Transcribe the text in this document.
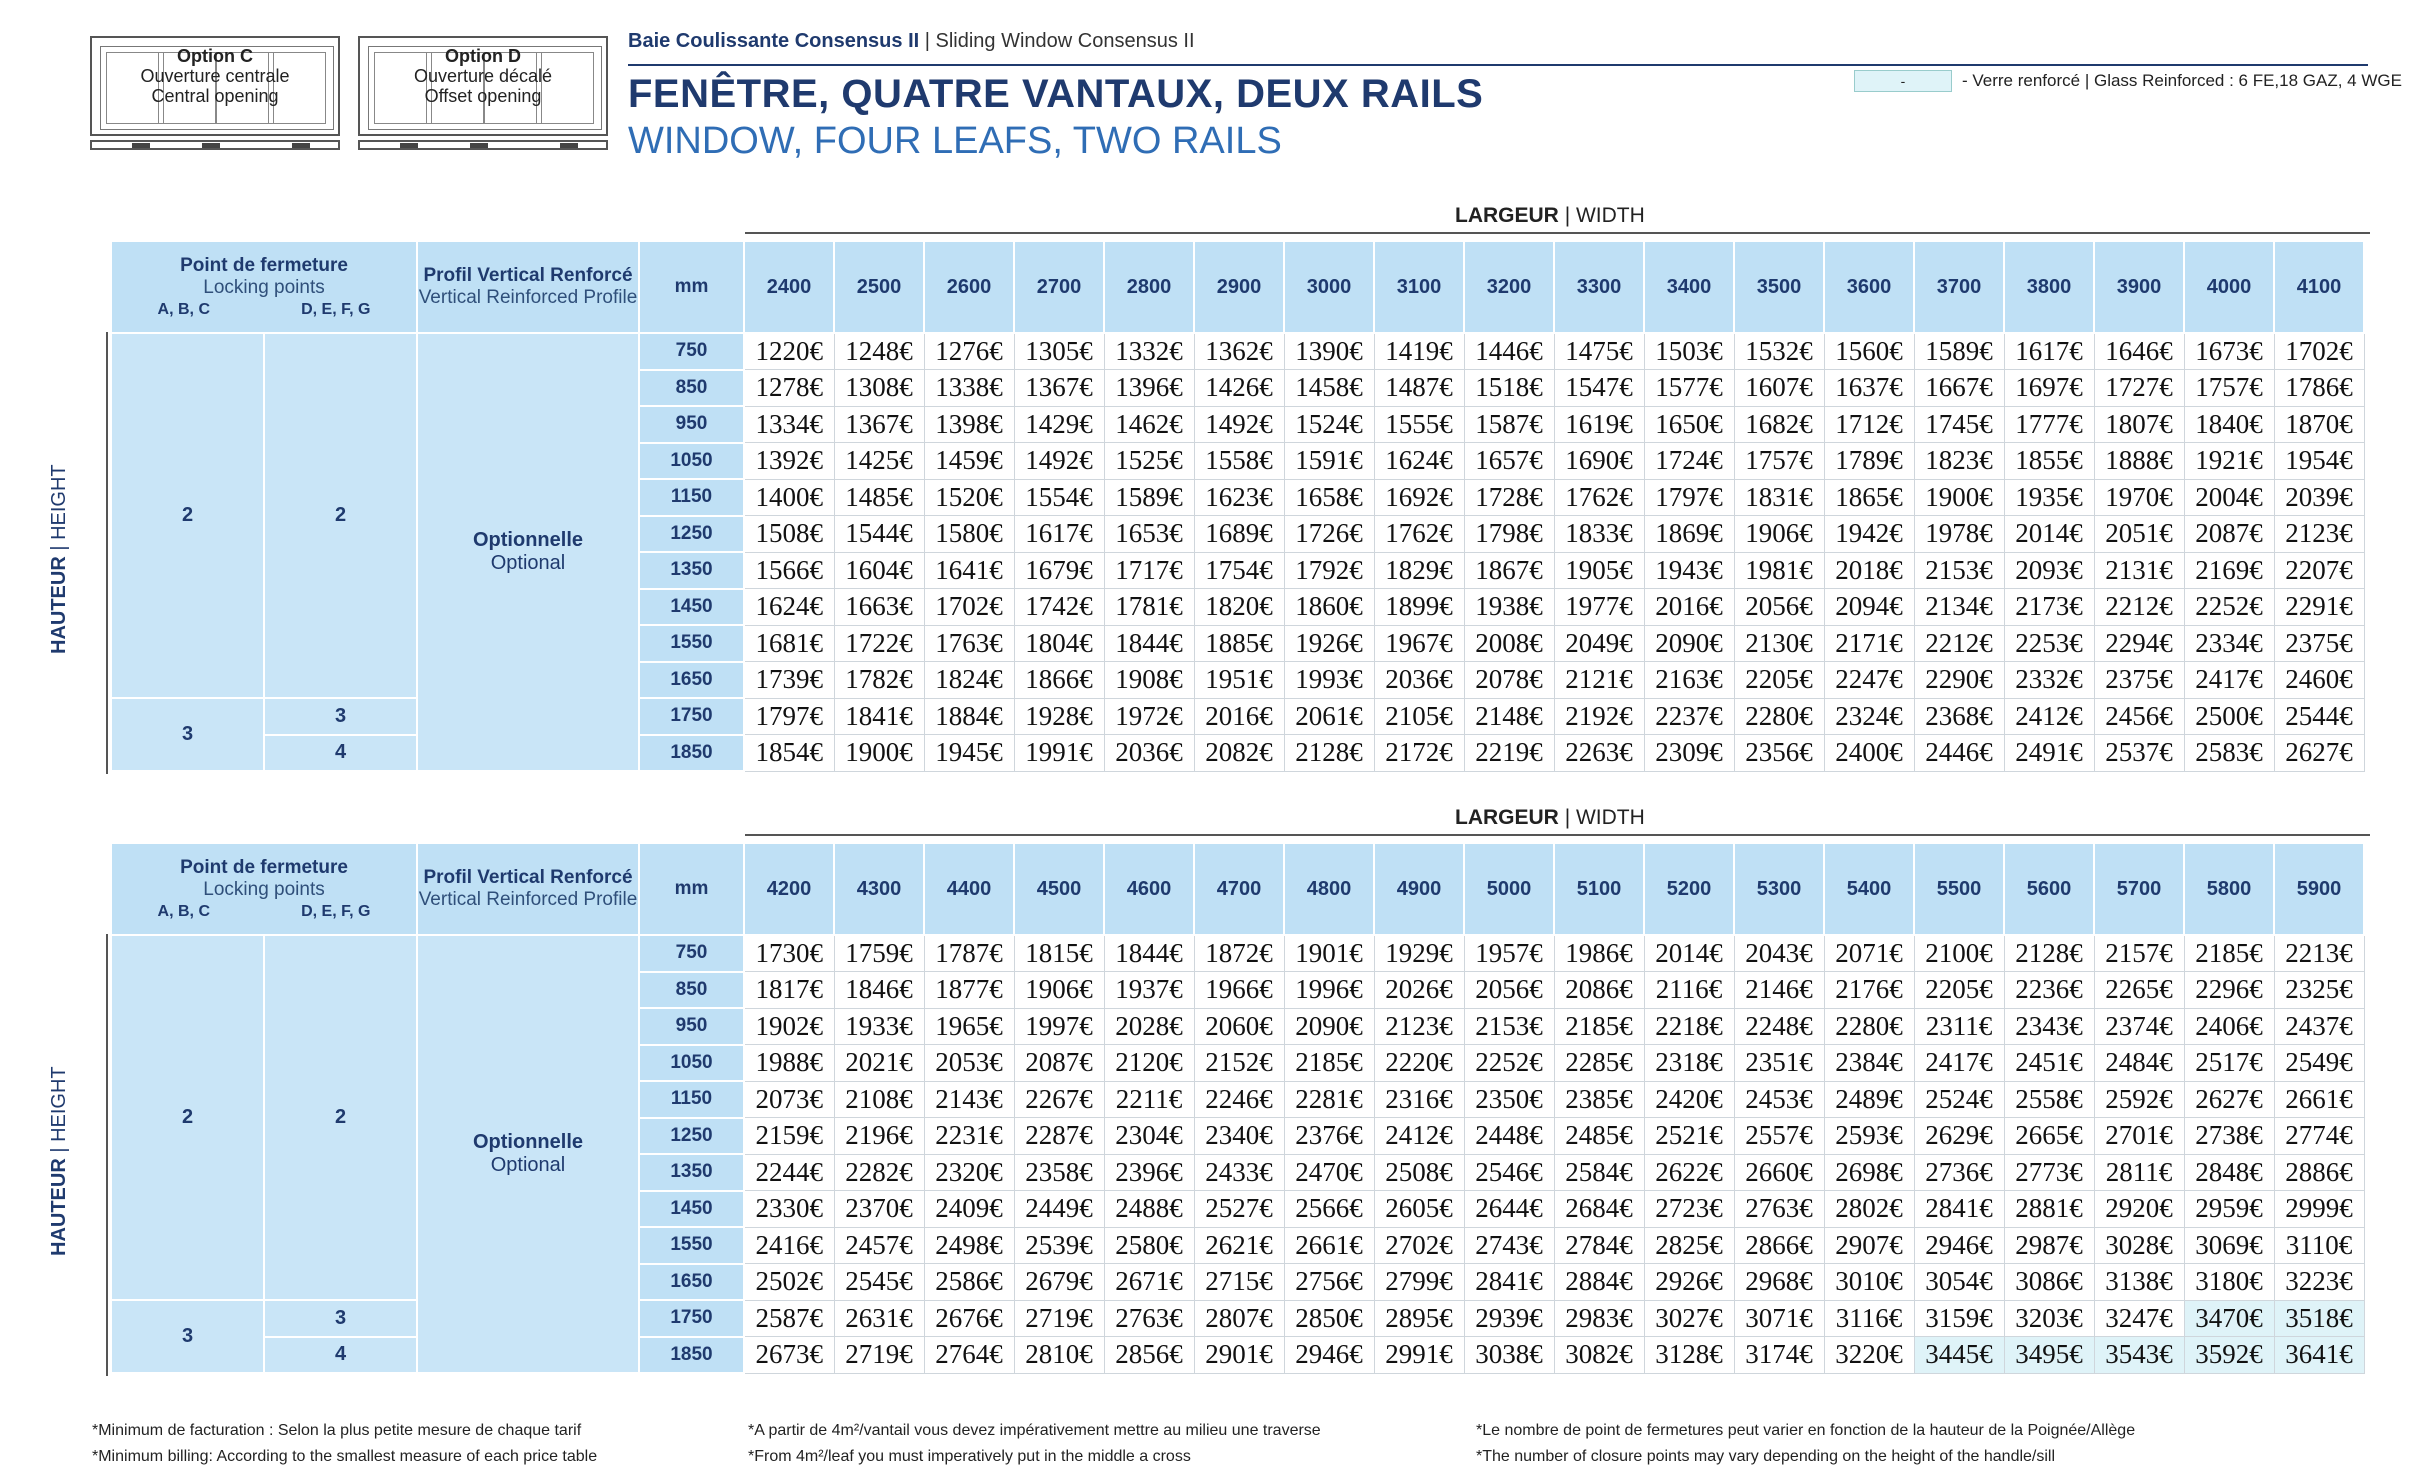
Option C
Ouverture centrale
Central opening
Option D
Ouverture décalé
Offset opening
Baie Coulissante Consensus II | Sliding Window Consensus II
FENÊTRE, QUATRE VANTAUX, DEUX RAILS
WINDOW, FOUR LEAFS, TWO RAILS
-	- Verre renforcé | Glass Reinforced : 6 FE,18 GAZ, 4 WGE
LARGEUR | WIDTH
HAUTEUR | HEIGHT
Point de fermeture
Locking points
A, B, C D, E, F, G		Profil Vertical Renforcé
Vertical Reinforced Profile	mm	2400	2500	2600	2700	2800	2900	3000	3100	3200	3300	3400	3500	3600	3700	3800	3900	4000	4100
2	2	Optionnelle
Optional	750	1220€	1248€	1276€	1305€	1332€	1362€	1390€	1419€	1446€	1475€	1503€	1532€	1560€	1589€	1617€	1646€	1673€	1702€
			850	1278€	1308€	1338€	1367€	1396€	1426€	1458€	1487€	1518€	1547€	1577€	1607€	1637€	1667€	1697€	1727€	1757€	1786€
			950	1334€	1367€	1398€	1429€	1462€	1492€	1524€	1555€	1587€	1619€	1650€	1682€	1712€	1745€	1777€	1807€	1840€	1870€
			1050	1392€	1425€	1459€	1492€	1525€	1558€	1591€	1624€	1657€	1690€	1724€	1757€	1789€	1823€	1855€	1888€	1921€	1954€
			1150	1400€	1485€	1520€	1554€	1589€	1623€	1658€	1692€	1728€	1762€	1797€	1831€	1865€	1900€	1935€	1970€	2004€	2039€
			1250	1508€	1544€	1580€	1617€	1653€	1689€	1726€	1762€	1798€	1833€	1869€	1906€	1942€	1978€	2014€	2051€	2087€	2123€
			1350	1566€	1604€	1641€	1679€	1717€	1754€	1792€	1829€	1867€	1905€	1943€	1981€	2018€	2153€	2093€	2131€	2169€	2207€
			1450	1624€	1663€	1702€	1742€	1781€	1820€	1860€	1899€	1938€	1977€	2016€	2056€	2094€	2134€	2173€	2212€	2252€	2291€
			1550	1681€	1722€	1763€	1804€	1844€	1885€	1926€	1967€	2008€	2049€	2090€	2130€	2171€	2212€	2253€	2294€	2334€	2375€
			1650	1739€	1782€	1824€	1866€	1908€	1951€	1993€	2036€	2078€	2121€	2163€	2205€	2247€	2290€	2332€	2375€	2417€	2460€
3	3		1750	1797€	1841€	1884€	1928€	1972€	2016€	2061€	2105€	2148€	2192€	2237€	2280€	2324€	2368€	2412€	2456€	2500€	2544€
	4		1850	1854€	1900€	1945€	1991€	2036€	2082€	2128€	2172€	2219€	2263€	2309€	2356€	2400€	2446€	2491€	2537€	2583€	2627€
LARGEUR | WIDTH
HAUTEUR | HEIGHT
Point de fermeture
Locking points
A, B, C D, E, F, G		Profil Vertical Renforcé
Vertical Reinforced Profile	mm	4200	4300	4400	4500	4600	4700	4800	4900	5000	5100	5200	5300	5400	5500	5600	5700	5800	5900
2	2	Optionnelle
Optional	750	1730€	1759€	1787€	1815€	1844€	1872€	1901€	1929€	1957€	1986€	2014€	2043€	2071€	2100€	2128€	2157€	2185€	2213€
			850	1817€	1846€	1877€	1906€	1937€	1966€	1996€	2026€	2056€	2086€	2116€	2146€	2176€	2205€	2236€	2265€	2296€	2325€
			950	1902€	1933€	1965€	1997€	2028€	2060€	2090€	2123€	2153€	2185€	2218€	2248€	2280€	2311€	2343€	2374€	2406€	2437€
			1050	1988€	2021€	2053€	2087€	2120€	2152€	2185€	2220€	2252€	2285€	2318€	2351€	2384€	2417€	2451€	2484€	2517€	2549€
			1150	2073€	2108€	2143€	2267€	2211€	2246€	2281€	2316€	2350€	2385€	2420€	2453€	2489€	2524€	2558€	2592€	2627€	2661€
			1250	2159€	2196€	2231€	2287€	2304€	2340€	2376€	2412€	2448€	2485€	2521€	2557€	2593€	2629€	2665€	2701€	2738€	2774€
			1350	2244€	2282€	2320€	2358€	2396€	2433€	2470€	2508€	2546€	2584€	2622€	2660€	2698€	2736€	2773€	2811€	2848€	2886€
			1450	2330€	2370€	2409€	2449€	2488€	2527€	2566€	2605€	2644€	2684€	2723€	2763€	2802€	2841€	2881€	2920€	2959€	2999€
			1550	2416€	2457€	2498€	2539€	2580€	2621€	2661€	2702€	2743€	2784€	2825€	2866€	2907€	2946€	2987€	3028€	3069€	3110€
			1650	2502€	2545€	2586€	2679€	2671€	2715€	2756€	2799€	2841€	2884€	2926€	2968€	3010€	3054€	3086€	3138€	3180€	3223€
3	3		1750	2587€	2631€	2676€	2719€	2763€	2807€	2850€	2895€	2939€	2983€	3027€	3071€	3116€	3159€	3203€	3247€	3470€	3518€
	4		1850	2673€	2719€	2764€	2810€	2856€	2901€	2946€	2991€	3038€	3082€	3128€	3174€	3220€	3445€	3495€	3543€	3592€	3641€
*Minimum de facturation : Selon la plus petite mesure de chaque tarif
*Minimum billing: According to the smallest measure of each price table
*A partir de 4m²/vantail vous devez impérativement mettre au milieu une traverse
*From 4m²/leaf you must imperatively put in the middle a cross
*Le nombre de point de fermetures peut varier en fonction de la hauteur de la Poignée/Allège
*The number of closure points may vary depending on the height of the handle/sill
